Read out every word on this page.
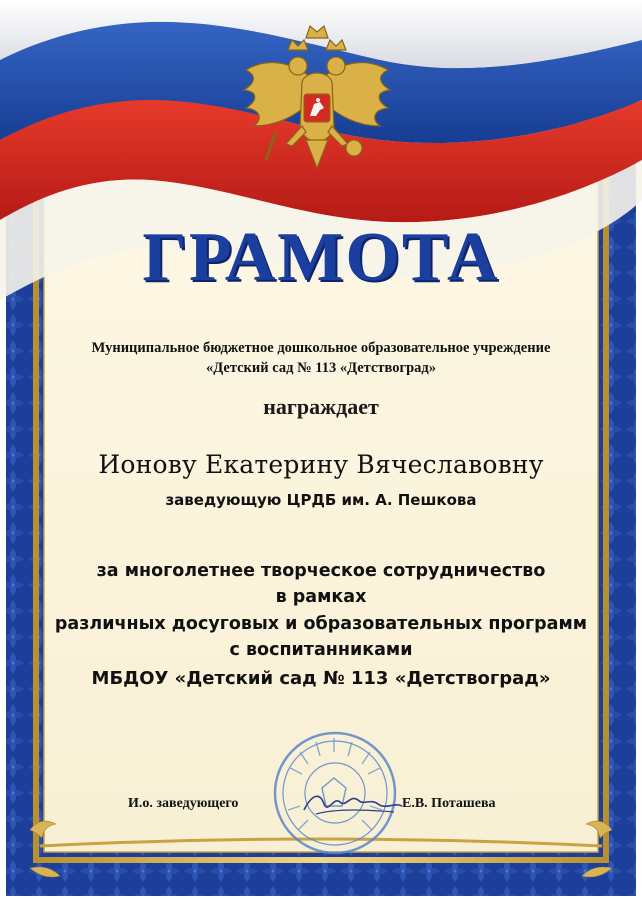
ГРАМОТА

Муниципальное бюджетное дошкольное образовательное учреждение

«Детский сад № 113 «Детствоград»

награждает

Ионову Екатерину Вячеславовну

заведующую ЦРДБ им. А. Пешкова

за многолетнее творческое сотрудничество

в рамках

различных досуговых и образовательных программ

с воспитанниками

МБДОУ «Детский сад № 113 «Детствоград»

И.о. заведующего	Е.В. Поташева
